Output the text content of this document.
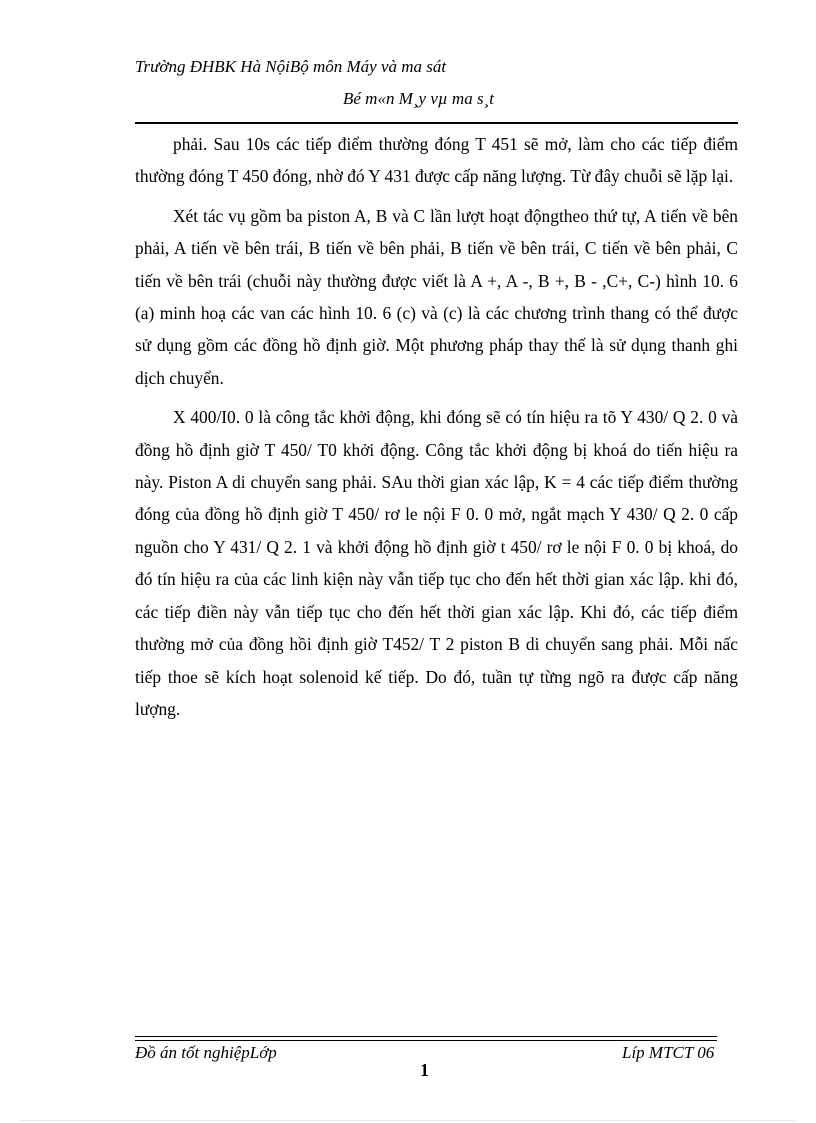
Trường ĐHBK Hà NộiBộ môn Máy và ma sát
Bé m«n M¸y vµ ma s¸t

phải. Sau 10s các tiếp điểm thường đóng T 451 sẽ mở, làm cho các tiếp điểm thường đóng T 450 đóng, nhờ đó Y 431 được cấp năng lượng. Từ đây chuỗi sẽ lặp lại.

Xét tác vụ gồm ba piston A, B và C lần lượt hoạt độngtheo thứ tự, A tiến về bên phải, A tiến về bên trái, B tiến về bên phải, B tiến về bên trái, C tiến về bên phải, C tiến về bên trái (chuỗi này thường được viết là A +, A -, B +, B - ,C+, C-) hình 10. 6 (a) minh hoạ các van các hình 10. 6 (c) và (c) là các chương trình thang có thể được sử dụng gồm các đồng hồ định giờ. Một phương pháp thay thế là sử dụng thanh ghi dịch chuyển.

X 400/I0. 0 là công tắc khởi động, khi đóng sẽ có tín hiệu ra tõ Y 430/ Q 2. 0 và đồng hồ định giờ T 450/ T0 khởi động. Công tắc khởi động bị khoá do tiến hiệu ra này. Piston A di chuyển sang phải. SAu thời gian xác lập, K = 4 các tiếp điểm thường đóng của đồng hồ định giờ T 450/ rơ le nội F 0. 0 mở, ngắt mạch Y 430/ Q 2. 0 cấp nguồn cho Y 431/ Q 2. 1 và khởi động hồ định giờ t 450/ rơ le nội F 0. 0 bị khoá, do đó tín hiệu ra của các linh kiện này vẫn tiếp tục cho đến hết thời gian xác lập. khi đó, các tiếp điền này vẫn tiếp tục cho đến hết thời gian xác lập. Khi đó, các tiếp điểm thường mở của đồng hồi định giờ T452/ T 2 piston B di chuyển sang phải. Mỗi nấc tiếp thoe sẽ kích hoạt solenoid kế tiếp. Do đó, tuần tự từng ngõ ra được cấp năng lượng.

Đồ án tốt nghiệpLớp	Líp MTCT 06
1
